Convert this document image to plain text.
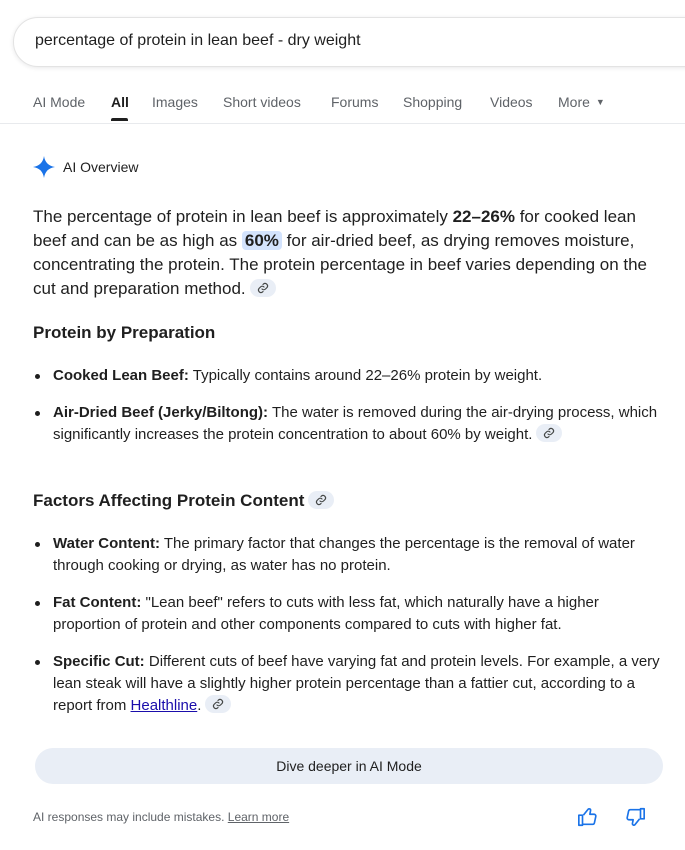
percentage of protein in lean beef - dry weight
AI Mode All Images Short videos Forums Shopping Videos More ▼
AI Overview

The percentage of protein in lean beef is approximately 22–26% for cooked lean beef and can be as high as 60% for air-dried beef, as drying removes moisture, concentrating the protein. The protein percentage in beef varies depending on the cut and preparation method.

Protein by Preparation
Cooked Lean Beef: Typically contains around 22–26% protein by weight.
Air-Dried Beef (Jerky/Biltong): The water is removed during the air-drying process, which significantly increases the protein concentration to about 60% by weight.
Factors Affecting Protein Content
Water Content: The primary factor that changes the percentage is the removal of water through cooking or drying, as water has no protein.
Fat Content: "Lean beef" refers to cuts with less fat, which naturally have a higher proportion of protein and other components compared to cuts with higher fat.
Specific Cut: Different cuts of beef have varying fat and protein levels. For example, a very lean steak will have a slightly higher protein percentage than a fattier cut, according to a report from Healthline.
Dive deeper in AI Mode
AI responses may include mistakes. Learn more
